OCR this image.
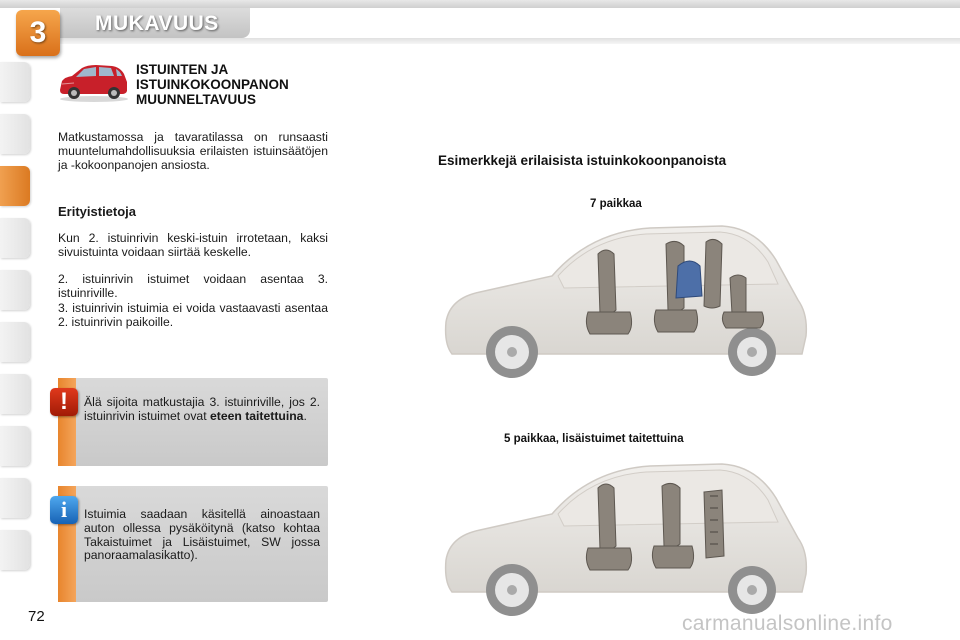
3	MUKAVUUS
ISTUINTEN JA
ISTUINKOKOONPANON
MUUNNELTAVUUS

Matkustamossa ja tavaratilassa on runsaasti muuntelumahdollisuuksia erilaisten istuinsäätöjen ja -kokoonpanojen ansiosta.

Erityistietoja

Kun 2. istuinrivin keski-istuin irrotetaan, kaksi sivuistuinta voidaan siirtää keskelle.

2. istuinrivin istuimet voidaan asentaa 3. istuinriville.

3. istuinrivin istuimia ei voida vastaavasti asentaa 2. istuinrivin paikoille.

Älä sijoita matkustajia 3. istuinriville, jos 2. istuinrivin istuimet ovat eteen taitettuina.

!

Istuimia saadaan käsitellä ainoastaan auton ollessa pysäköitynä (katso kohtaa Takaistuimet ja Lisäistuimet, SW jossa panoraamalasikatto).

i
Esimerkkejä erilaisista istuinkokoonpanoista
7 paikkaa
5 paikkaa, lisäistuimet taitettuina
72	carmanualsonline.info
